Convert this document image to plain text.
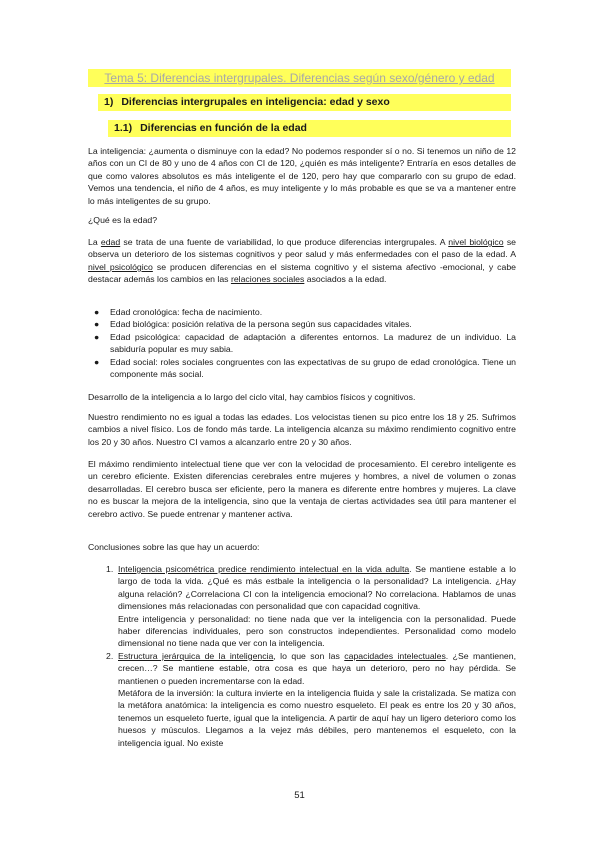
Tema 5: Diferencias intergrupales. Diferencias según sexo/género y edad
1) Diferencias intergrupales en inteligencia: edad y sexo
1.1) Diferencias en función de la edad
La inteligencia: ¿aumenta o disminuye con la edad? No podemos responder sí o no. Si tenemos un niño de 12 años con un CI de 80 y uno de 4 años con CI de 120, ¿quién es más inteligente? Entraría en esos detalles de que como valores absolutos es más inteligente el de 120, pero hay que compararlo con su grupo de edad. Vemos una tendencia, el niño de 4 años, es muy inteligente y lo más probable es que se va a mantener entre lo más inteligentes de su grupo.
¿Qué es la edad?
La edad se trata de una fuente de variabilidad, lo que produce diferencias intergrupales. A nivel biológico se observa un deterioro de los sistemas cognitivos y peor salud y más enfermedades con el paso de la edad. A nivel psicológico se producen diferencias en el sistema cognitivo y el sistema afectivo -emocional, y cabe destacar además los cambios en las relaciones sociales asociados a la edad.
● Edad cronológica: fecha de nacimiento.
● Edad biológica: posición relativa de la persona según sus capacidades vitales.
● Edad psicológica: capacidad de adaptación a diferentes entornos. La madurez de un individuo. La sabiduría popular es muy sabia.
● Edad social: roles sociales congruentes con las expectativas de su grupo de edad cronológica. Tiene un componente más social.
Desarrollo de la inteligencia a lo largo del ciclo vital, hay cambios físicos y cognitivos.
Nuestro rendimiento no es igual a todas las edades. Los velocistas tienen su pico entre los 18 y 25. Sufrimos cambios a nivel físico. Los de fondo más tarde. La inteligencia alcanza su máximo rendimiento cognitivo entre los 20 y 30 años. Nuestro CI vamos a alcanzarlo entre 20 y 30 años.
El máximo rendimiento intelectual tiene que ver con la velocidad de procesamiento. El cerebro inteligente es un cerebro eficiente. Existen diferencias cerebrales entre mujeres y hombres, a nivel de volumen o zonas desarrolladas. El cerebro busca ser eficiente, pero la manera es diferente entre hombres y mujeres. La clave no es buscar la mejora de la inteligencia, sino que la ventaja de ciertas actividades sea útil para mantener el cerebro activo. Se puede entrenar y mantener activa.
Conclusiones sobre las que hay un acuerdo:
1. Inteligencia psicométrica predice rendimiento intelectual en la vida adulta. Se mantiene estable a lo largo de toda la vida. ¿Qué es más estbale la inteligencia o la personalidad? La inteligencia. ¿Hay alguna relación? ¿Correlaciona CI con la inteligencia emocional? No correlaciona. Hablamos de unas dimensiones más relacionadas con personalidad que con capacidad cognitiva.
Entre inteligencia y personalidad: no tiene nada que ver la inteligencia con la personalidad. Puede haber diferencias individuales, pero son constructos independientes. Personalidad como modelo dimensional no tiene nada que ver con la inteligencia.
2. Estructura jerárquica de la inteligencia, lo que son las capacidades intelectuales. ¿Se mantienen, crecen…? Se mantiene estable, otra cosa es que haya un deterioro, pero no hay pérdida. Se mantienen o pueden incrementarse con la edad.
Metáfora de la inversión: la cultura invierte en la inteligencia fluida y sale la cristalizada. Se matiza con la metáfora anatómica: la inteligencia es como nuestro esqueleto. El peak es entre los 20 y 30 años, tenemos un esqueleto fuerte, igual que la inteligencia. A partir de aquí hay un ligero deterioro como los huesos y músculos. Llegamos a la vejez más débiles, pero mantenemos el esqueleto, con la inteligencia igual. No existe
51
